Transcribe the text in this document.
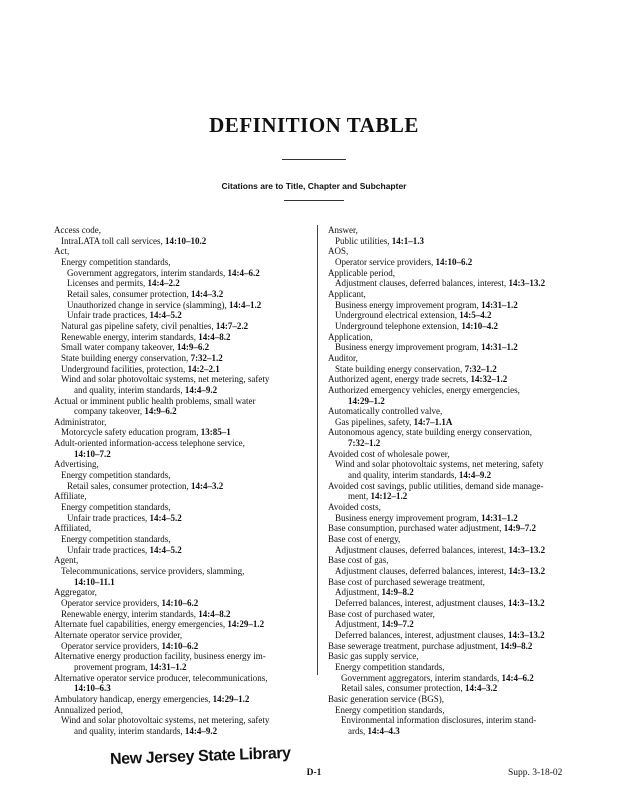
DEFINITION TABLE
Citations are to Title, Chapter and Subchapter
Access code,
IntraLATA toll call services, 14:10–10.2
Act,
Energy competition standards,
Government aggregators, interim standards, 14:4–6.2
Licenses and permits, 14:4–2.2
Retail sales, consumer protection, 14:4–3.2
Unauthorized change in service (slamming), 14:4–1.2
Unfair trade practices, 14:4–5.2
Natural gas pipeline safety, civil penalties, 14:7–2.2
Renewable energy, interim standards, 14:4–8.2
Small water company takeover, 14:9–6.2
State building energy conservation, 7:32–1.2
Underground facilities, protection, 14:2–2.1
Wind and solar photovoltaic systems, net metering, safety
and quality, interim standards, 14:4–9.2
Actual or imminent public health problems, small water
company takeover, 14:9–6.2
Administrator,
Motorcycle safety education program, 13:85–1
Adult-oriented information-access telephone service,
14:10–7.2
Advertising,
Energy competition standards,
Retail sales, consumer protection, 14:4–3.2
Affiliate,
Energy competition standards,
Unfair trade practices, 14:4–5.2
Affiliated,
Energy competition standards,
Unfair trade practices, 14:4–5.2
Agent,
Telecommunications, service providers, slamming,
14:10–11.1
Aggregator,
Operator service providers, 14:10–6.2
Renewable energy, interim standards, 14:4–8.2
Alternate fuel capabilities, energy emergencies, 14:29–1.2
Alternate operator service provider,
Operator service providers, 14:10–6.2
Alternative energy production facility, business energy im-
provement program, 14:31–1.2
Alternative operator service producer, telecommunications,
14:10–6.3
Ambulatory handicap, energy emergencies, 14:29–1.2
Annualized period,
Wind and solar photovoltaic systems, net metering, safety
and quality, interim standards, 14:4–9.2
Answer,
Public utilities, 14:1–1.3
AOS,
Operator service providers, 14:10–6.2
Applicable period,
Adjustment clauses, deferred balances, interest, 14:3–13.2
Applicant,
Business energy improvement program, 14:31–1.2
Underground electrical extension, 14:5–4.2
Underground telephone extension, 14:10–4.2
Application,
Business energy improvement program, 14:31–1.2
Auditor,
State building energy conservation, 7:32–1.2
Authorized agent, energy trade secrets, 14:32–1.2
Authorized emergency vehicles, energy emergencies,
14:29–1.2
Automatically controlled valve,
Gas pipelines, safety, 14:7–1.1A
Autonomous agency, state building energy conservation,
7:32–1.2
Avoided cost of wholesale power,
Wind and solar photovoltaic systems, net metering, safety
and quality, interim standards, 14:4–9.2
Avoided cost savings, public utilities, demand side manage-
ment, 14:12–1.2
Avoided costs,
Business energy improvement program, 14:31–1.2
Base consumption, purchased water adjustment, 14:9–7.2
Base cost of energy,
Adjustment clauses, deferred balances, interest, 14:3–13.2
Base cost of gas,
Adjustment clauses, deferred balances, interest, 14:3–13.2
Base cost of purchased sewerage treatment,
Adjustment, 14:9–8.2
Deferred balances, interest, adjustment clauses, 14:3–13.2
Base cost of purchased water,
Adjustment, 14:9–7.2
Deferred balances, interest, adjustment clauses, 14:3–13.2
Base sewerage treatment, purchase adjustment, 14:9–8.2
Basic gas supply service,
Energy competition standards,
Government aggregators, interim standards, 14:4–6.2
Retail sales, consumer protection, 14:4–3.2
Basic generation service (BGS),
Energy competition standards,
Environmental information disclosures, interim stand-
ards, 14:4–4.3
D-1	Supp. 3-18-02
New Jersey State Library
